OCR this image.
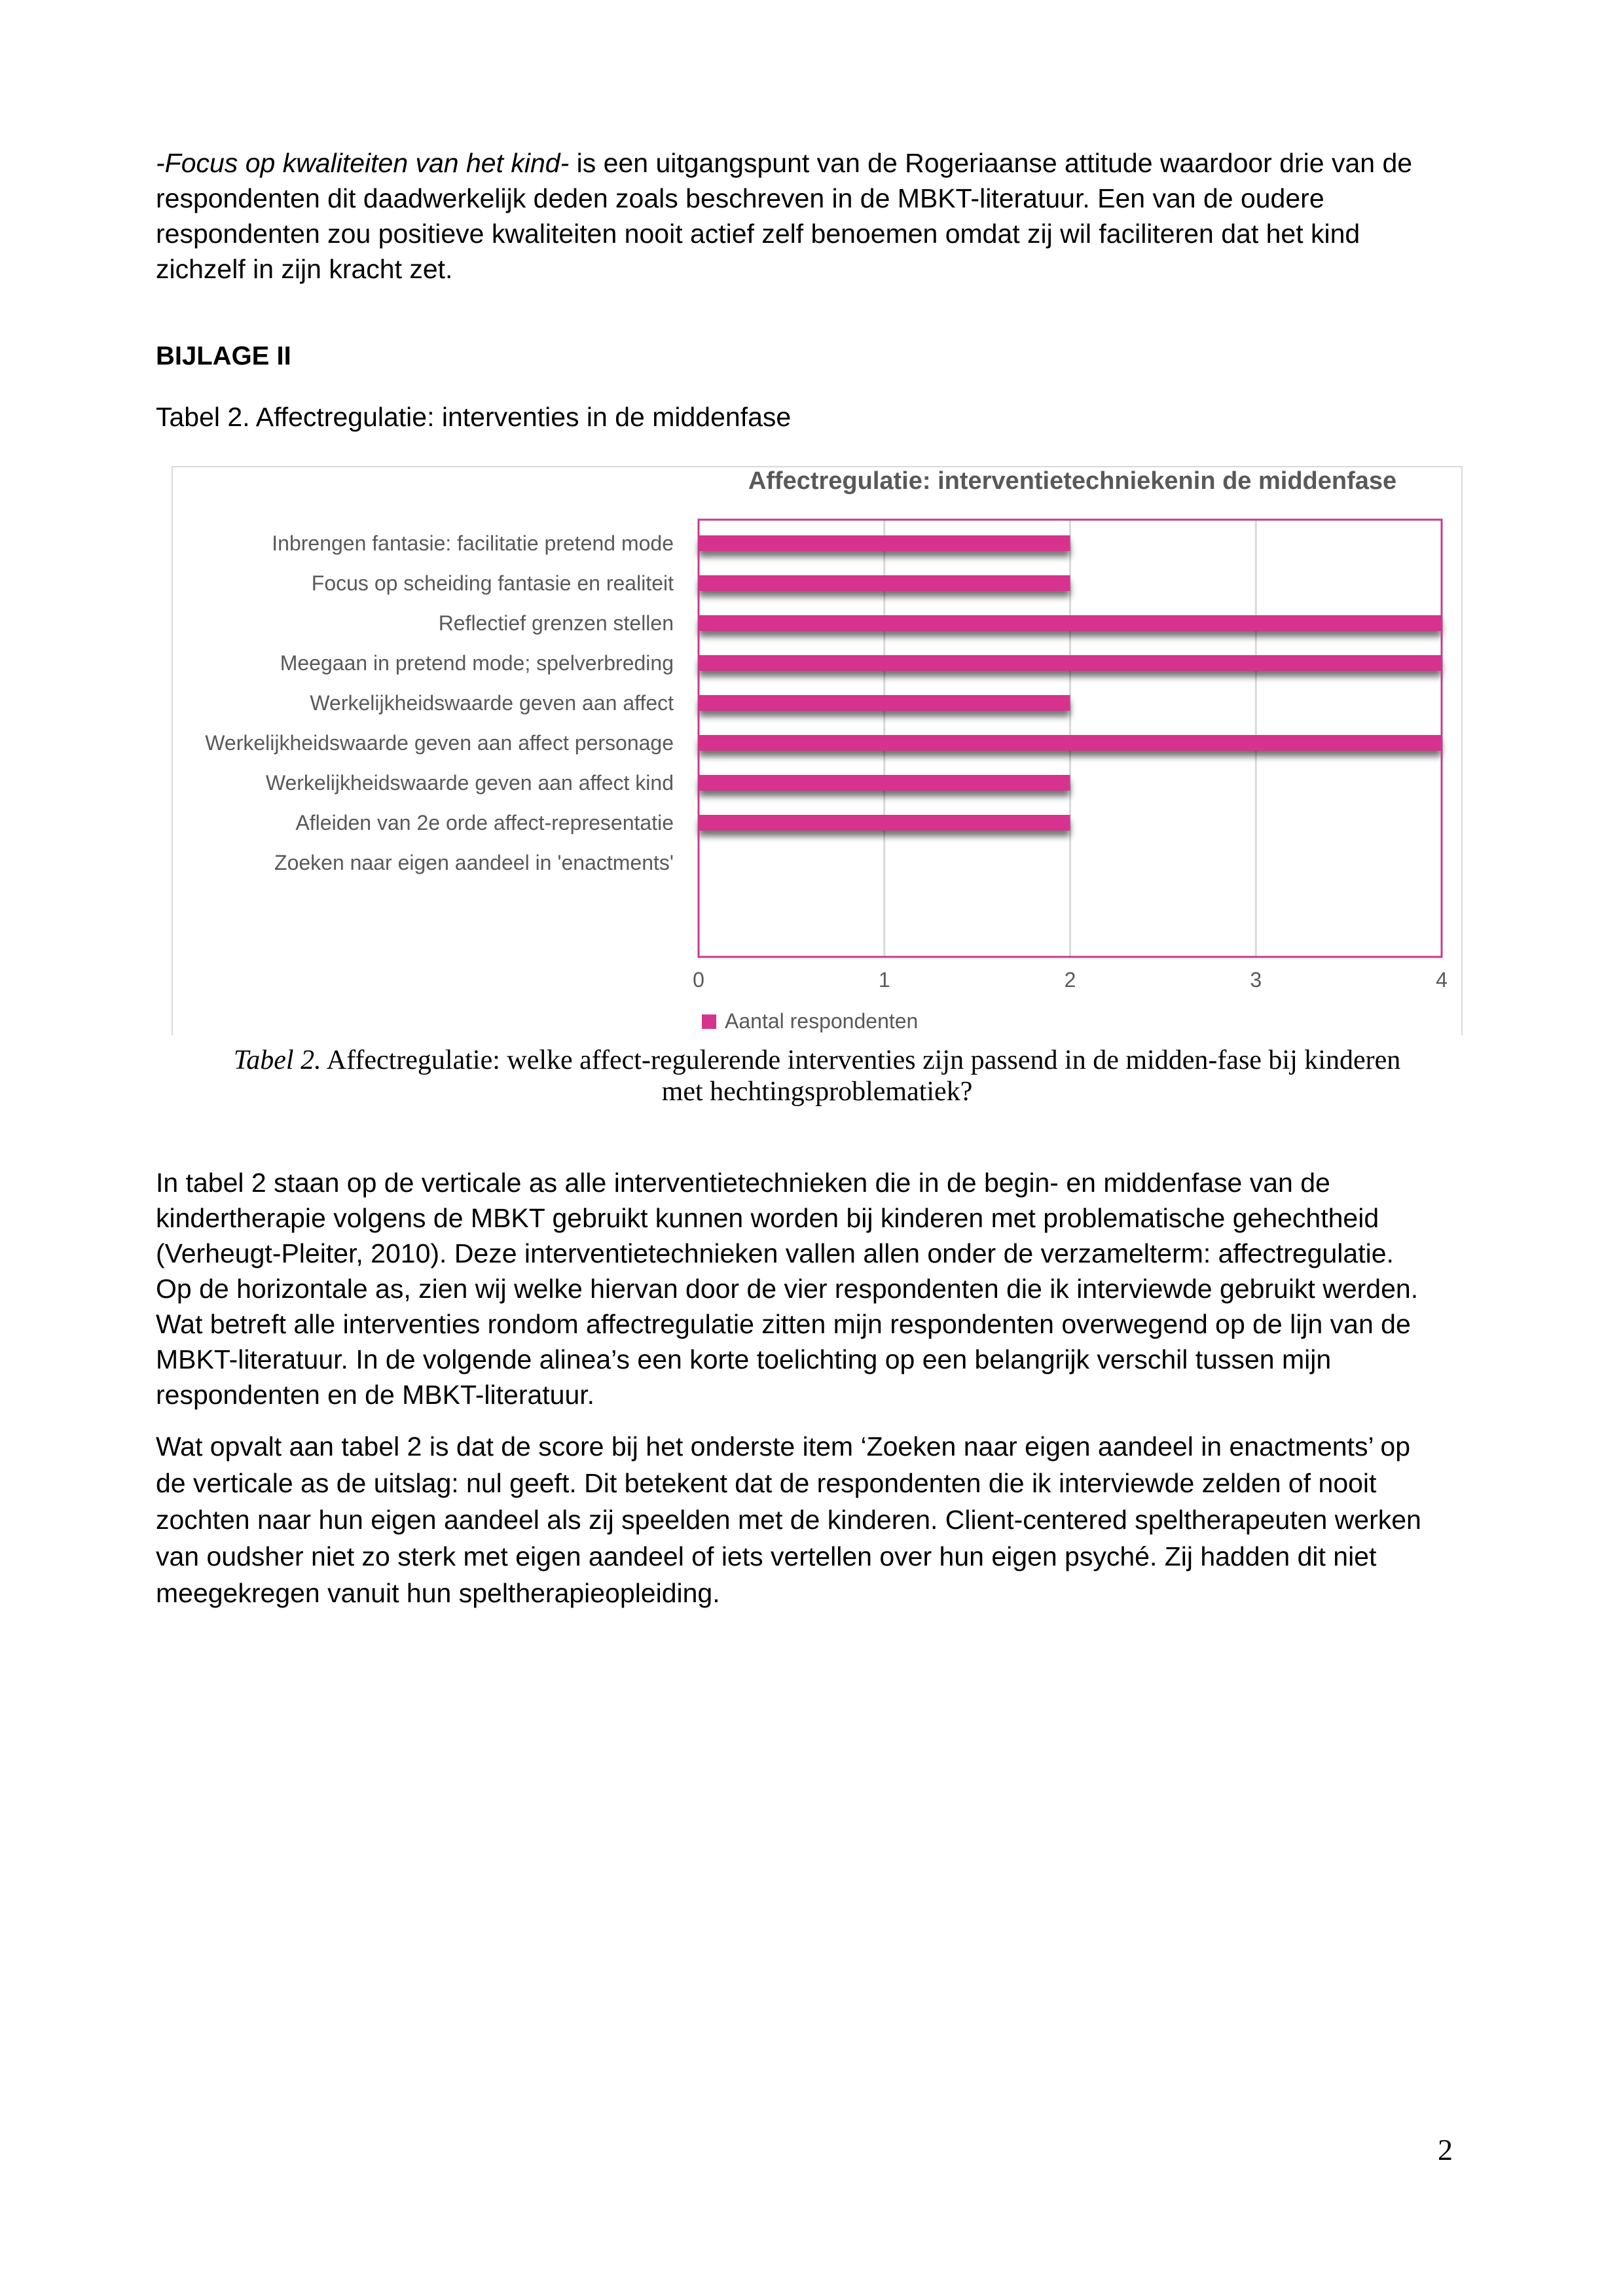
-Focus op kwaliteiten van het kind- is een uitgangspunt van de Rogeriaanse attitude waardoor drie van de
respondenten dit daadwerkelijk deden zoals beschreven in de MBKT-literatuur. Een van de oudere
respondenten zou positieve kwaliteiten nooit actief zelf benoemen omdat zij wil faciliteren dat het kind
zichzelf in zijn kracht zet.

BIJLAGE II

Tabel 2. Affectregulatie: interventies in de middenfase

Affectregulatie: interventietechniekenin de middenfase
Inbrengen fantasie: facilitatie pretend mode
Focus op scheiding fantasie en realiteit
Reflectief grenzen stellen
Meegaan in pretend mode; spelverbreding
Werkelijkheidswaarde geven aan affect
Werkelijkheidswaarde geven aan affect personage
Werkelijkheidswaarde geven aan affect kind
Afleiden van 2e orde affect-representatie
Zoeken naar eigen aandeel in 'enactments'
0	1	2	3	4
Aantal respondenten
Tabel 2. Affectregulatie: welke affect-regulerende interventies zijn passend in de midden-fase bij kinderen
met hechtingsproblematiek?
In tabel 2 staan op de verticale as alle interventietechnieken die in de begin- en middenfase van de
kindertherapie volgens de MBKT gebruikt kunnen worden bij kinderen met problematische gehechtheid
(Verheugt-Pleiter, 2010). Deze interventietechnieken vallen allen onder de verzamelterm: affectregulatie.
Op de horizontale as, zien wij welke hiervan door de vier respondenten die ik interviewde gebruikt werden.
Wat betreft alle interventies rondom affectregulatie zitten mijn respondenten overwegend op de lijn van de
MBKT-literatuur. In de volgende alinea’s een korte toelichting op een belangrijk verschil tussen mijn
respondenten en de MBKT-literatuur.
Wat opvalt aan tabel 2 is dat de score bij het onderste item ‘Zoeken naar eigen aandeel in enactments’ op
de verticale as de uitslag: nul geeft. Dit betekent dat de respondenten die ik interviewde zelden of nooit
zochten naar hun eigen aandeel als zij speelden met de kinderen. Client-centered speltherapeuten werken
van oudsher niet zo sterk met eigen aandeel of iets vertellen over hun eigen psyché. Zij hadden dit niet
meegekregen vanuit hun speltherapieopleiding.

2
